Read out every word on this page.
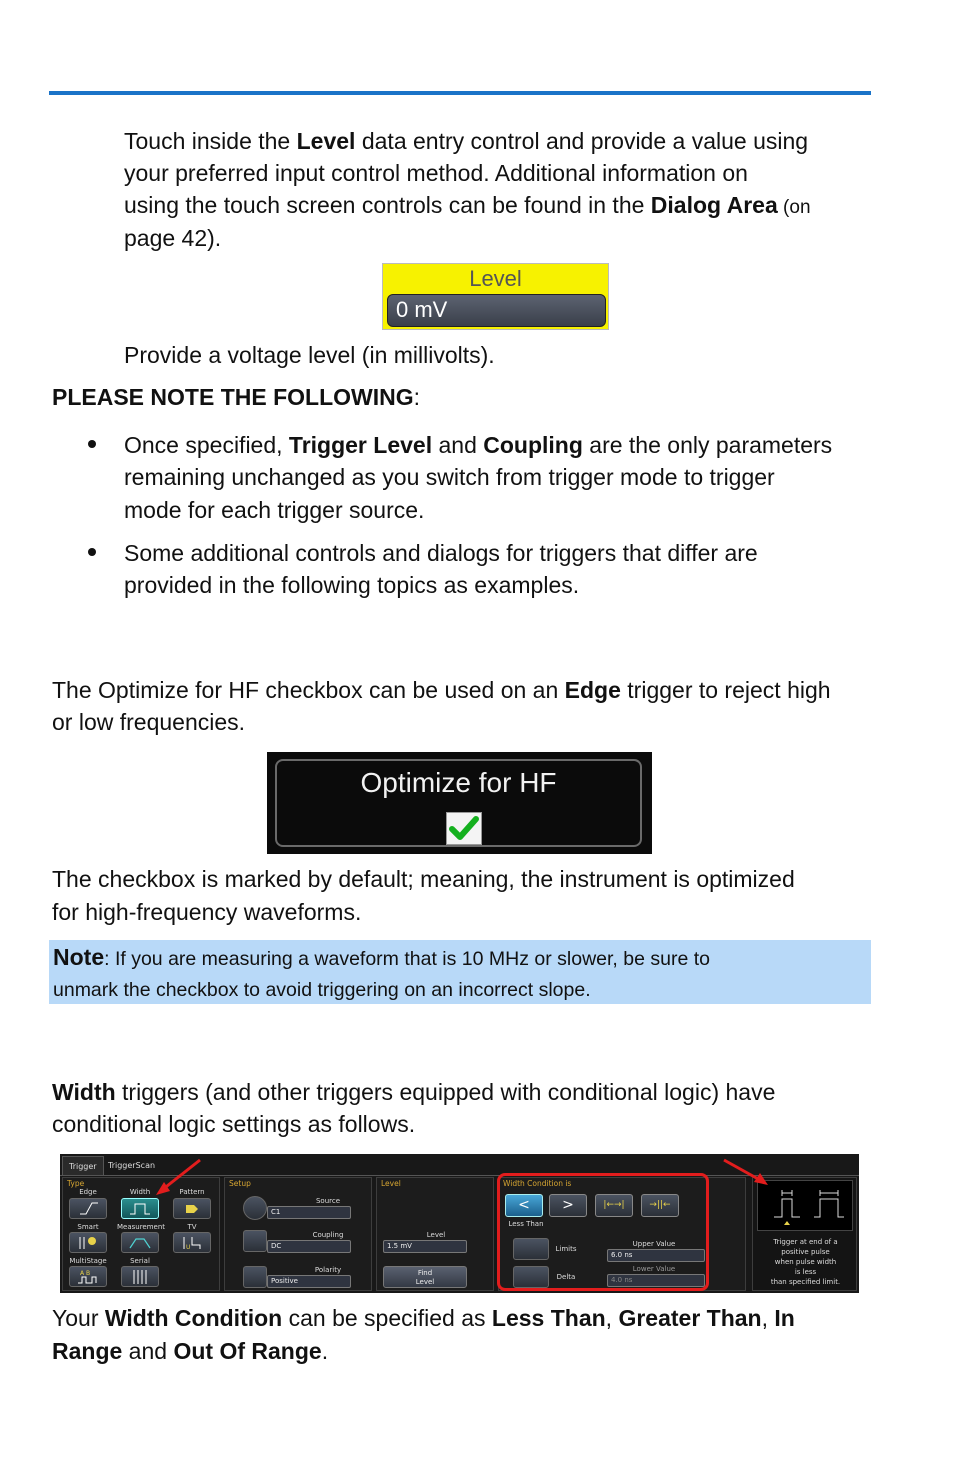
Touch inside the Level data entry control and provide a value using
your preferred input control method. Additional information on
using the touch screen controls can be found in the Dialog Area (on
page 42).
Level
0 mV
Provide a voltage level (in millivolts).
PLEASE NOTE THE FOLLOWING:
Once specified, Trigger Level and Coupling are the only parameters
remaining unchanged as you switch from trigger mode to trigger
mode for each trigger source.
Some additional controls and dialogs for triggers that differ are
provided in the following topics as examples.
The Optimize for HF checkbox can be used on an Edge trigger to reject high
or low frequencies.
Optimize for HF
The checkbox is marked by default; meaning, the instrument is optimized
for high-frequency waveforms.
Note: If you are measuring a waveform that is 10 MHz or slower, be sure to
unmark the checkbox to avoid triggering on an incorrect slope.
Width triggers (and other triggers equipped with conditional logic) have
conditional logic settings as follows.
Trigger	TriggerScan
Type
Edge	Width	Pattern
Smart	Measurement	TV
U
MultiStage
A B
Serial
Setup
Source
C1
Coupling
DC
Polarity
Positive
Level
Level
1.5 mV
Find
Level
Width Condition is
<
Less Than
>	|←→|	→||←
Limits
Delta
Upper Value
6.0 ns
Lower Value
4.0 ns
Trigger at end of a
positive pulse
when pulse width
is less
than specified limit.
Your Width Condition can be specified as Less Than, Greater Than, In
Range and Out Of Range.
